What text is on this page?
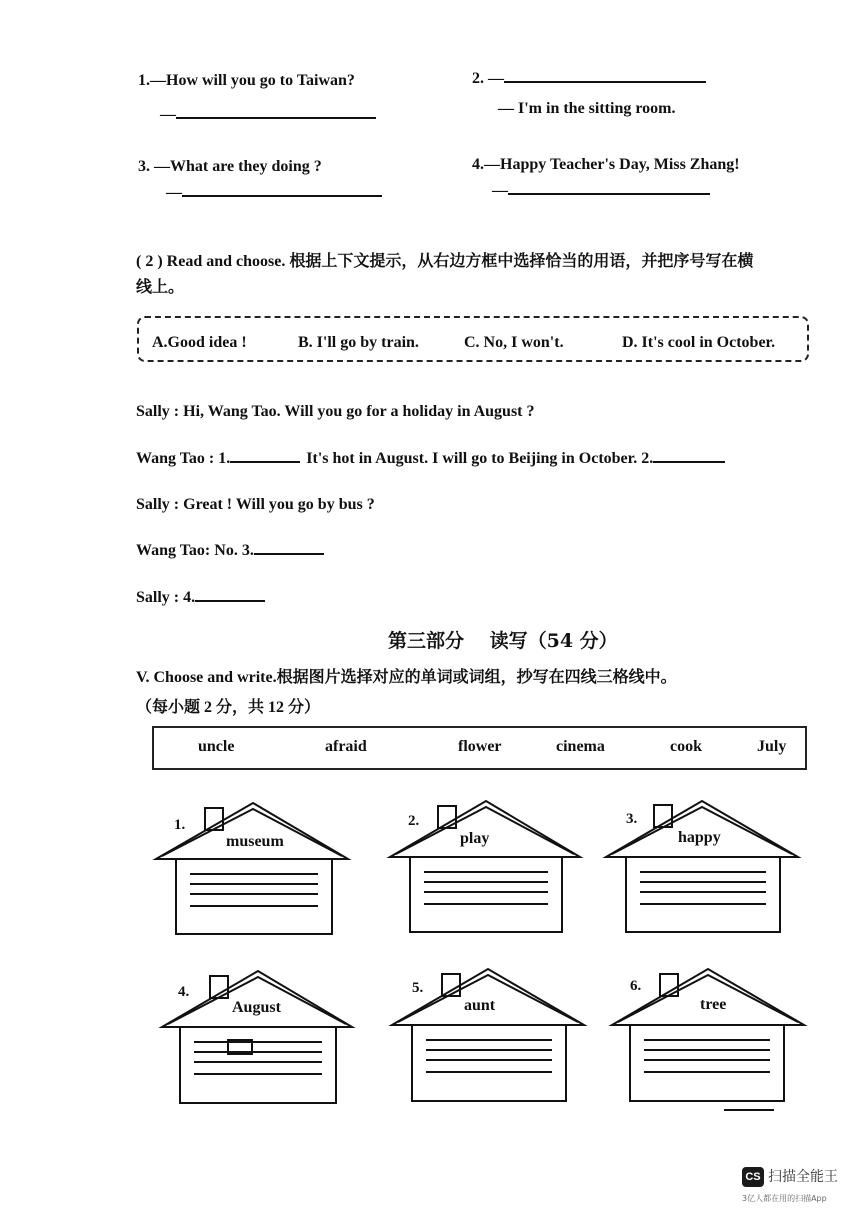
1.—How will you go to Taiwan?
—
2. —
— I'm in the sitting room.
3. —What are they doing ?
—
4.—Happy Teacher's Day, Miss Zhang!
—
( 2 ) Read and choose. 根据上下文提示，从右边方框中选择恰当的用语，并把序号写在横
线上。
A.Good idea !	B. I'll go by train.	C. No, I won't.	D. It's cool in October.
Sally : Hi, Wang Tao. Will you go for a holiday in August ?
Wang Tao : 1.	It's hot in August. I will go to Beijing in October. 2.
Sally : Great ! Will you go by bus ?
Wang Tao: No. 3.
Sally : 4.
第三部分　 读写（54 分）
V. Choose and write.根据图片选择对应的单词或词组，抄写在四线三格线中。
（每小题 2 分，共 12 分）
uncle	afraid	flower	cinema	cook	July
1.
museum
2.
play
3.
happy
4.
August
5.
aunt
6.
tree
CS 扫描全能王
3亿人都在用的扫描App
